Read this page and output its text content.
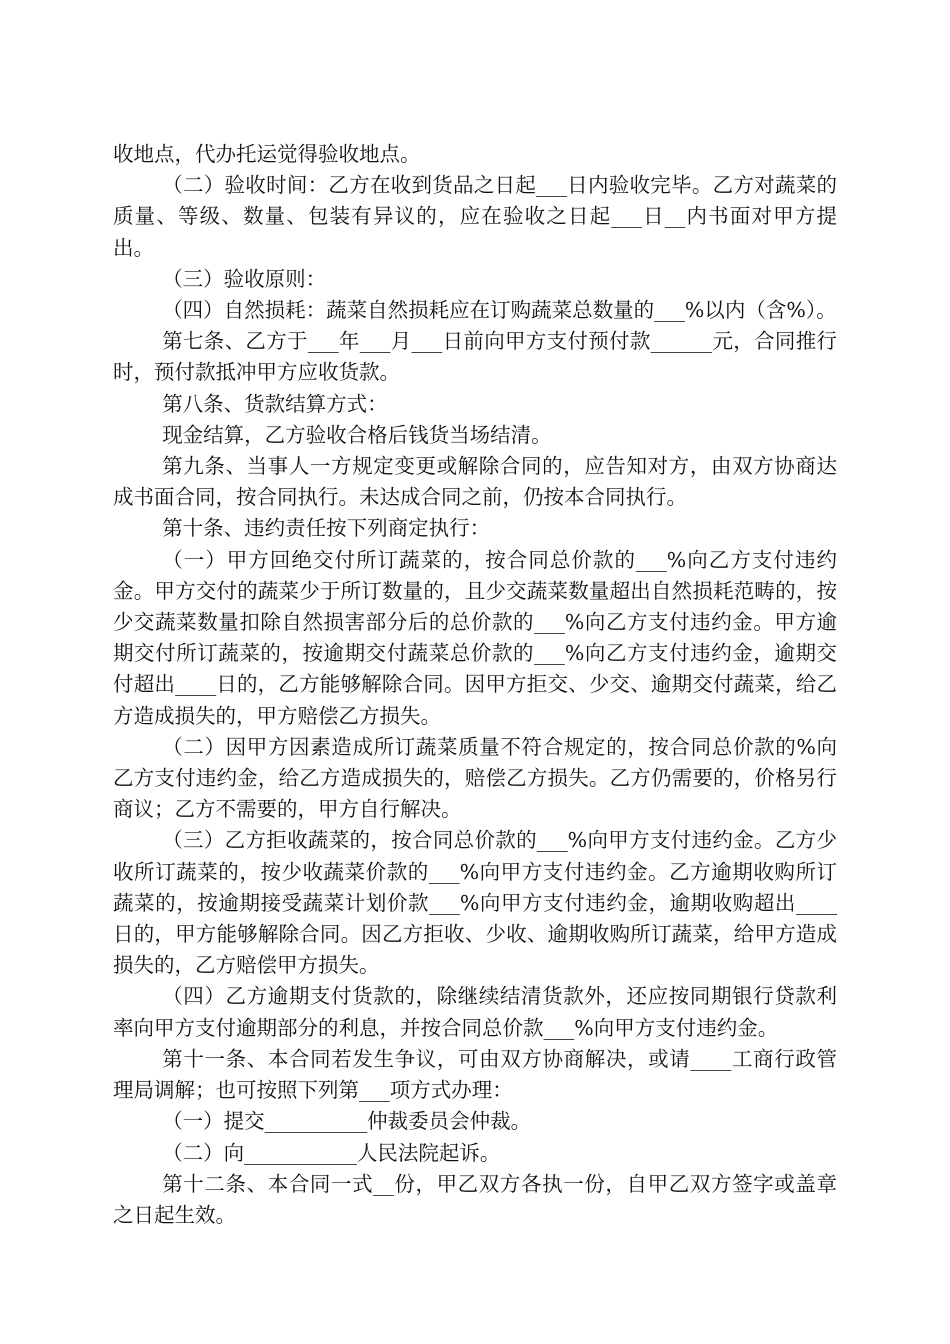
收地点，代办托运觉得验收地点。

（二）验收时间：乙方在收到货品之日起___日内验收完毕。乙方对蔬菜的质量、等级、数量、包装有异议的，应在验收之日起___日__内书面对甲方提出。

（三）验收原则：

（四）自然损耗：蔬菜自然损耗应在订购蔬菜总数量的___%以内（含%）。

第七条、乙方于___年___月___日前向甲方支付预付款______元，合同推行时，预付款抵冲甲方应收货款。

第八条、货款结算方式：

现金结算，乙方验收合格后钱货当场结清。

第九条、当事人一方规定变更或解除合同的，应告知对方，由双方协商达成书面合同，按合同执行。未达成合同之前，仍按本合同执行。

第十条、违约责任按下列商定执行：

（一）甲方回绝交付所订蔬菜的，按合同总价款的___%向乙方支付违约金。甲方交付的蔬菜少于所订数量的，且少交蔬菜数量超出自然损耗范畴的，按少交蔬菜数量扣除自然损害部分后的总价款的___%向乙方支付违约金。甲方逾期交付所订蔬菜的，按逾期交付蔬菜总价款的___%向乙方支付违约金，逾期交付超出____日的，乙方能够解除合同。因甲方拒交、少交、逾期交付蔬菜，给乙方造成损失的，甲方赔偿乙方损失。

（二）因甲方因素造成所订蔬菜质量不符合规定的，按合同总价款的%向乙方支付违约金，给乙方造成损失的，赔偿乙方损失。乙方仍需要的，价格另行商议；乙方不需要的，甲方自行解决。

（三）乙方拒收蔬菜的，按合同总价款的___%向甲方支付违约金。乙方少收所订蔬菜的，按少收蔬菜价款的___%向甲方支付违约金。乙方逾期收购所订蔬菜的，按逾期接受蔬菜计划价款___%向甲方支付违约金，逾期收购超出____日的，甲方能够解除合同。因乙方拒收、少收、逾期收购所订蔬菜，给甲方造成损失的，乙方赔偿甲方损失。

（四）乙方逾期支付货款的，除继续结清货款外，还应按同期银行贷款利率向甲方支付逾期部分的利息，并按合同总价款___%向甲方支付违约金。

第十一条、本合同若发生争议，可由双方协商解决，或请____工商行政管理局调解；也可按照下列第___项方式办理：

（一）提交__________仲裁委员会仲裁。

（二）向___________人民法院起诉。

第十二条、本合同一式__份，甲乙双方各执一份，自甲乙双方签字或盖章之日起生效。
